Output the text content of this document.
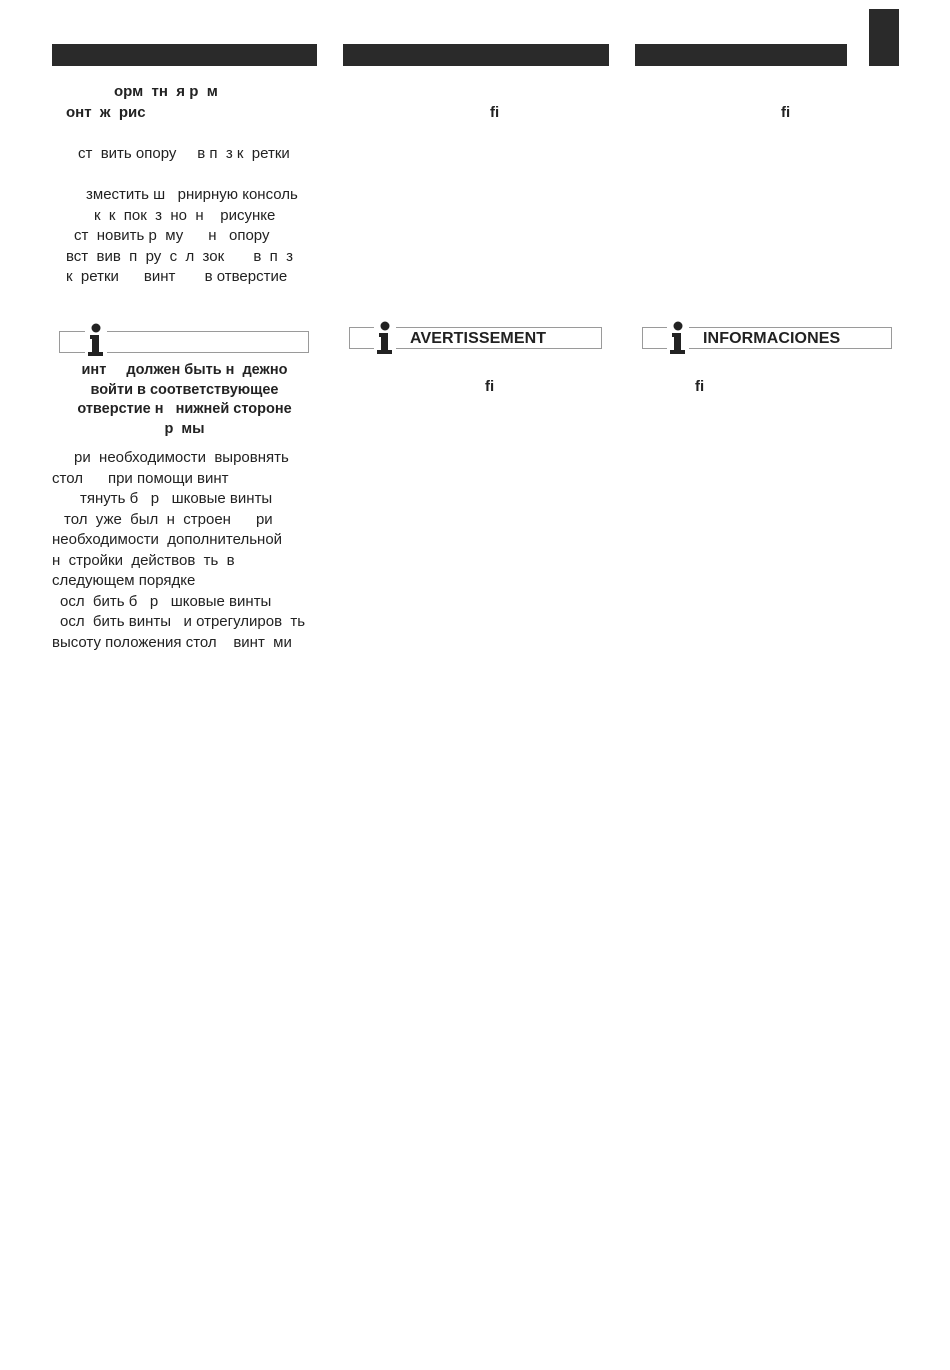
орм  тн  я р  м
онт  ж  рис
ст  вить опору     в п  з к  ретки
зместить ш   рнирную консоль
к  к  пок  з  но  н    рисунке
ст  новить р  му      н   опору
вст  вив  п  ру  с  л  зок       в  п  з
к  ретки      винт       в отверстие
инт     должен быть н  дежно
войти в соответствующее
отверстие н   нижней стороне
р  мы
ри  необходимости  выровнять
стол      при помощи винт
тянуть б   р   шковые винты
тол  уже  был  н  строен      ри
необходимости  дополнительной
н  стройки  действов  ть  в
следующем порядке
осл  бить б   р   шковые винты
осл  бить винты   и отрегулиров  ть
высоту положения стол    винт  ми
fi
AVERTISSEMENT
fi
fi
INFORMACIONES
fi
